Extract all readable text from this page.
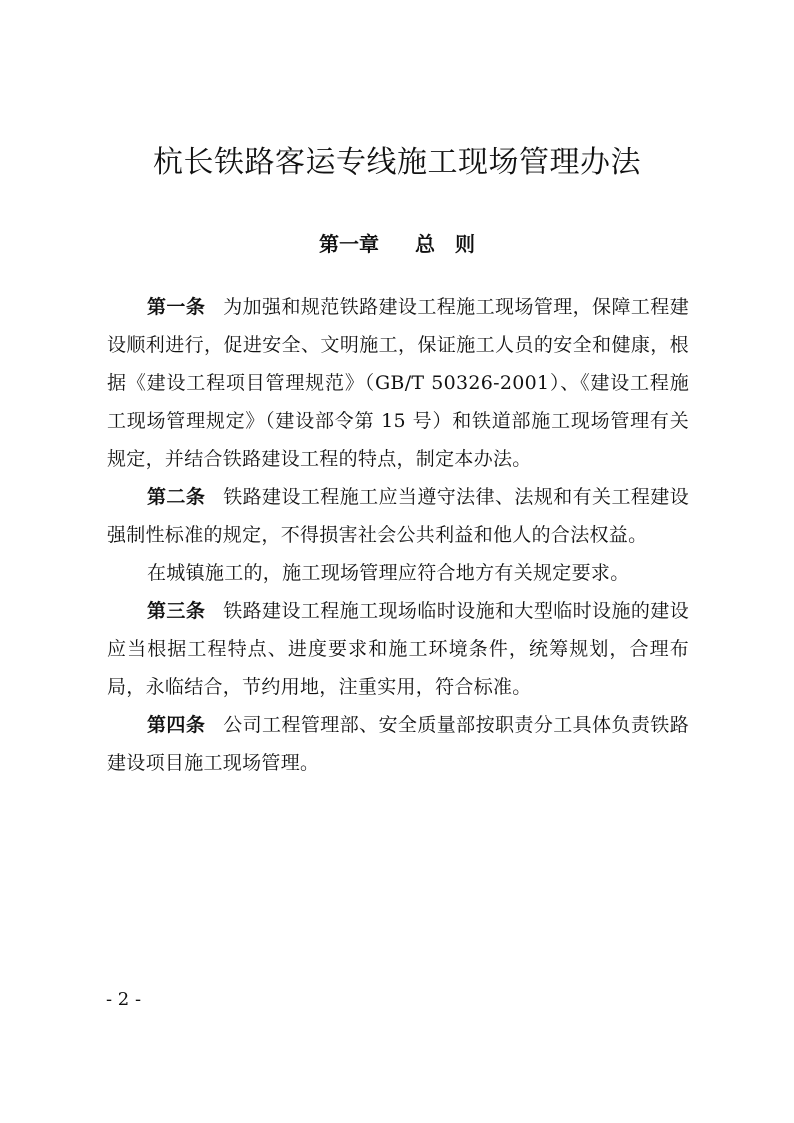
杭长铁路客运专线施工现场管理办法
第一章 总　则

第一条 为加强和规范铁路建设工程施工现场管理，保障工程建设顺利进行，促进安全、文明施工，保证施工人员的安全和健康，根据《建设工程项目管理规范》（GB/T 50326-2001）、《建设工程施工现场管理规定》（建设部令第 15 号）和铁道部施工现场管理有关规定，并结合铁路建设工程的特点，制定本办法。

第二条 铁路建设工程施工应当遵守法律、法规和有关工程建设强制性标准的规定，不得损害社会公共利益和他人的合法权益。

在城镇施工的，施工现场管理应符合地方有关规定要求。

第三条 铁路建设工程施工现场临时设施和大型临时设施的建设应当根据工程特点、进度要求和施工环境条件，统筹规划，合理布局，永临结合，节约用地，注重实用，符合标准。

第四条 公司工程管理部、安全质量部按职责分工具体负责铁路建设项目施工现场管理。

- 2 -
